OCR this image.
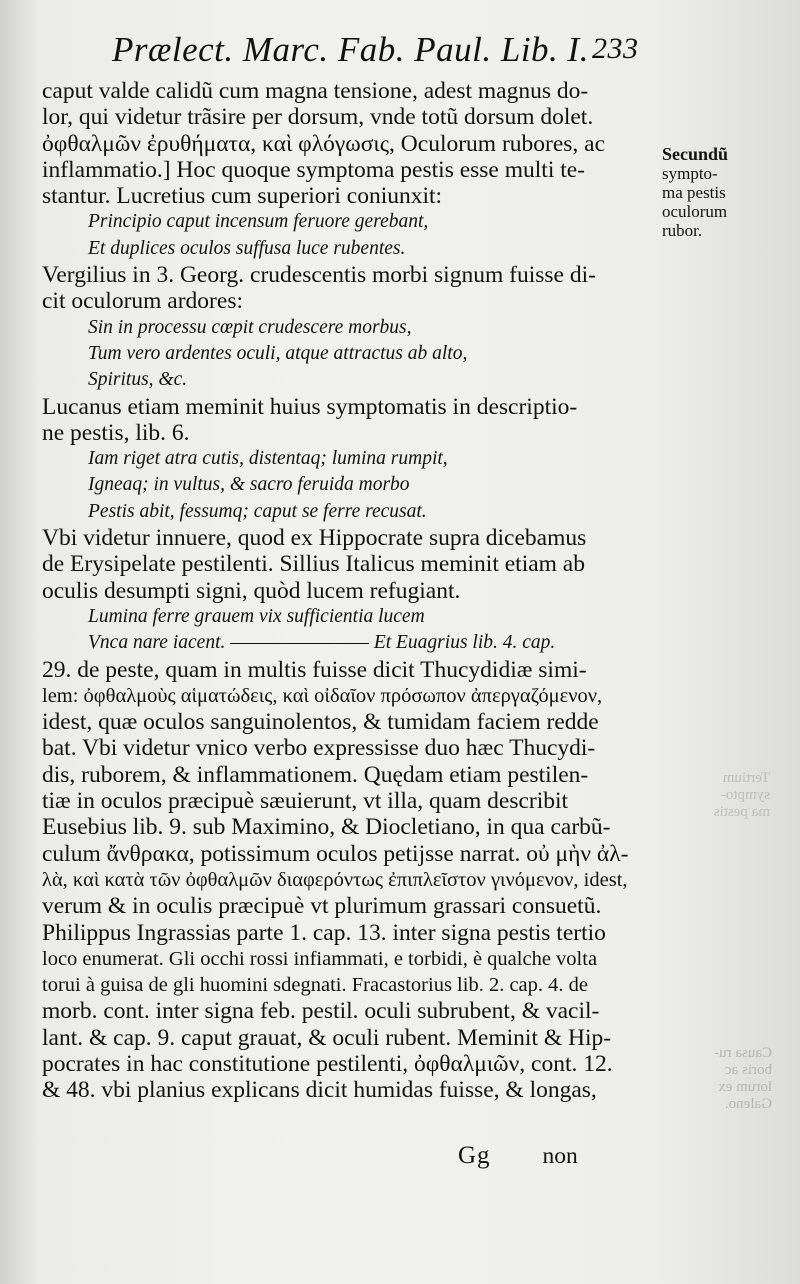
Prælect. Marc. Fab. Paul. Lib. I. 233
caput valde calidũ cum magna tensione, adest magnus do-
lor, qui videtur trãsire per dorsum, vnde totũ dorsum dolet.
ὀφθαλμῶν ἐρυθήματα, καὶ φλόγωσις, Oculorum rubores, ac
inflammatio.] Hoc quoque symptoma pestis esse multi te-
stantur. Lucretius cum superiori coniunxit:
Principio caput incensum feruore gerebant,
Et duplices oculos suffusa luce rubentes.
Vergilius in 3. Georg. crudescentis morbi signum fuisse di-
cit oculorum ardores:
Sin in processu cœpit crudescere morbus,
Tum vero ardentes oculi, atque attractus ab alto,
Spiritus, &c.
Lucanus etiam meminit huius symptomatis in descriptio-
ne pestis, lib. 6.
Iam riget atra cutis, distentaq; lumina rumpit,
Igneaq; in vultus, & sacro feruida morbo
Pestis abit, fessumq; caput se ferre recusat.
Vbi videtur innuere, quod ex Hippocrate supra dicebamus
de Erysipelate pestilenti. Sillius Italicus meminit etiam ab
oculis desumpti signi, quòd lucem refugiant.
Lumina ferre grauem vix sufficientia lucem
Vnca nare iacent. ———————— Et Euagrius lib. 4. cap.
29. de peste, quam in multis fuisse dicit Thucydidiæ simi-
lem: ὀφθαλμοὺς αἱματώδεις, καὶ οἰδαῖον πρόσωπον ἀπεργαζόμενον,
idest, quæ oculos sanguinolentos, & tumidam faciem redde
bat. Vbi videtur vnico verbo expressisse duo hæc Thucydi-
dis, ruborem, & inflammationem. Quędam etiam pestilen-
tiæ in oculos præcipuè sæuierunt, vt illa, quam describit
Eusebius lib. 9. sub Maximino, & Diocletiano, in qua carbũ-
culum ἄνθρακα, potissimum oculos petijsse narrat. οὐ μὴν ἀλ-
λὰ, καὶ κατὰ τῶν ὀφθαλμῶν διαφερόντως ἐπιπλεῖστον γινόμενον, idest,
verum & in oculis præcipuè vt plurimum grassari consuetũ.
Philippus Ingrassias parte 1. cap. 13. inter signa pestis tertio
loco enumerat. Gli occhi rossi infiammati, e torbidi, è qualche volta
torui à guisa de gli huomini sdegnati. Fracastorius lib. 2. cap. 4. de
morb. cont. inter signa feb. pestil. oculi subrubent, & vacil-
lant. & cap. 9. caput grauat, & oculi rubent. Meminit & Hip-
pocrates in hac constitutione pestilenti, ὀφθαλμιῶν, cont. 12.
& 48. vbi planius explicans dicit humidas fuisse, & longas,
Gg non
Secundũ
sympto-
ma pestis
oculorum
rubor.
Tertium
sympto-
ma pestis
Causa ru-
boris ac
lorum ex
Galeno.
